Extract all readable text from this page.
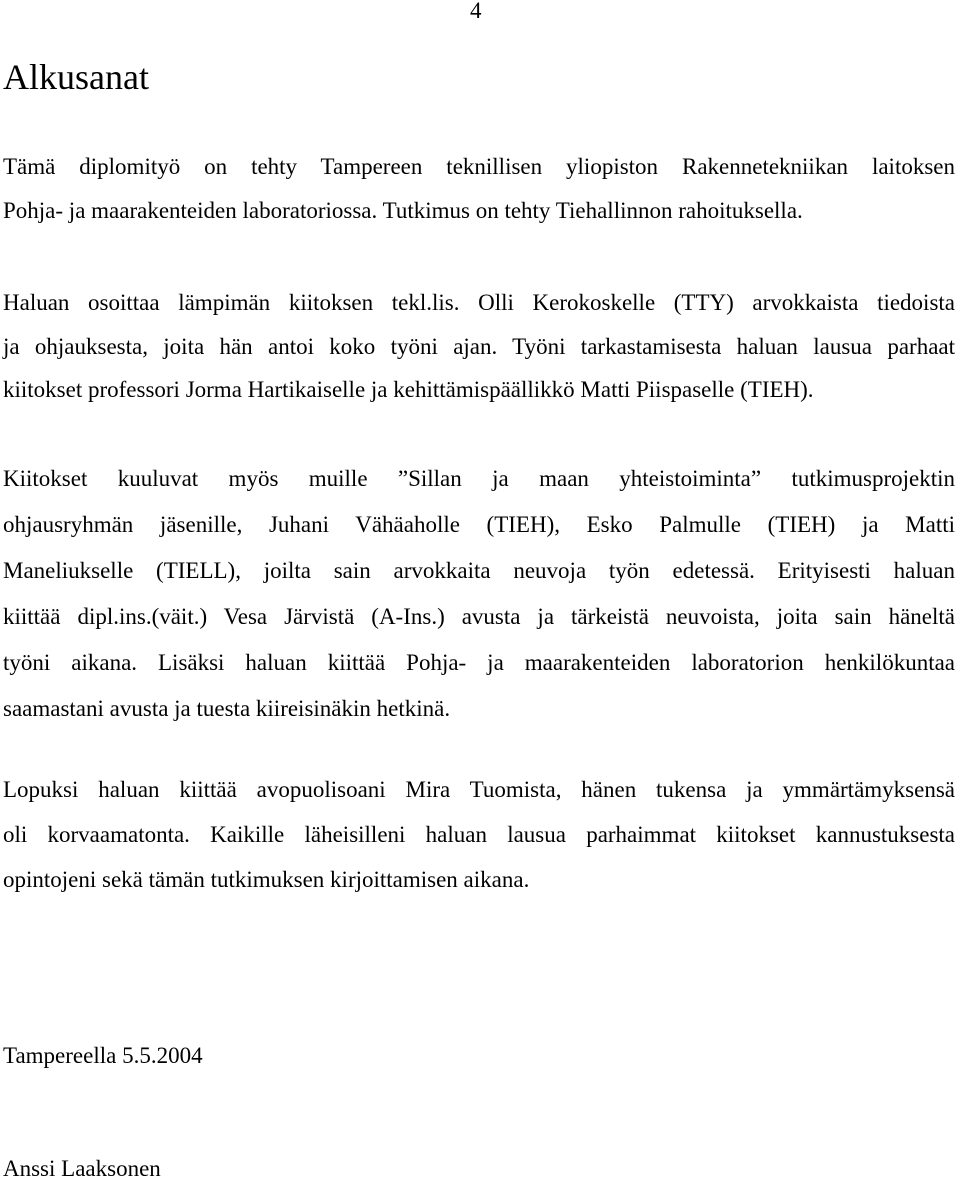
4
Alkusanat
Tämä diplomityö on tehty Tampereen teknillisen yliopiston Rakennetekniikan laitoksen
Pohja- ja maarakenteiden laboratoriossa. Tutkimus on tehty Tiehallinnon rahoituksella.
Haluan osoittaa lämpimän kiitoksen tekl.lis. Olli Kerokoskelle (TTY) arvokkaista tiedoista
ja ohjauksesta, joita hän antoi koko työni ajan. Työni tarkastamisesta haluan lausua parhaat
kiitokset professori Jorma Hartikaiselle ja kehittämispäällikkö Matti Piispaselle (TIEH).
Kiitokset kuuluvat myös muille ”Sillan ja maan yhteistoiminta” tutkimusprojektin
ohjausryhmän jäsenille, Juhani Vähäaholle (TIEH), Esko Palmulle (TIEH) ja Matti
Maneliukselle (TIELL), joilta sain arvokkaita neuvoja työn edetessä. Erityisesti haluan
kiittää dipl.ins.(väit.) Vesa Järvistä (A-Ins.) avusta ja tärkeistä neuvoista, joita sain häneltä
työni aikana. Lisäksi haluan kiittää Pohja- ja maarakenteiden laboratorion henkilökuntaa
saamastani avusta ja tuesta kiireisinäkin hetkinä.
Lopuksi haluan kiittää avopuolisoani Mira Tuomista, hänen tukensa ja ymmärtämyksensä
oli korvaamatonta. Kaikille läheisilleni haluan lausua parhaimmat kiitokset kannustuksesta
opintojeni sekä tämän tutkimuksen kirjoittamisen aikana.

Tampereella 5.5.2004

Anssi Laaksonen
